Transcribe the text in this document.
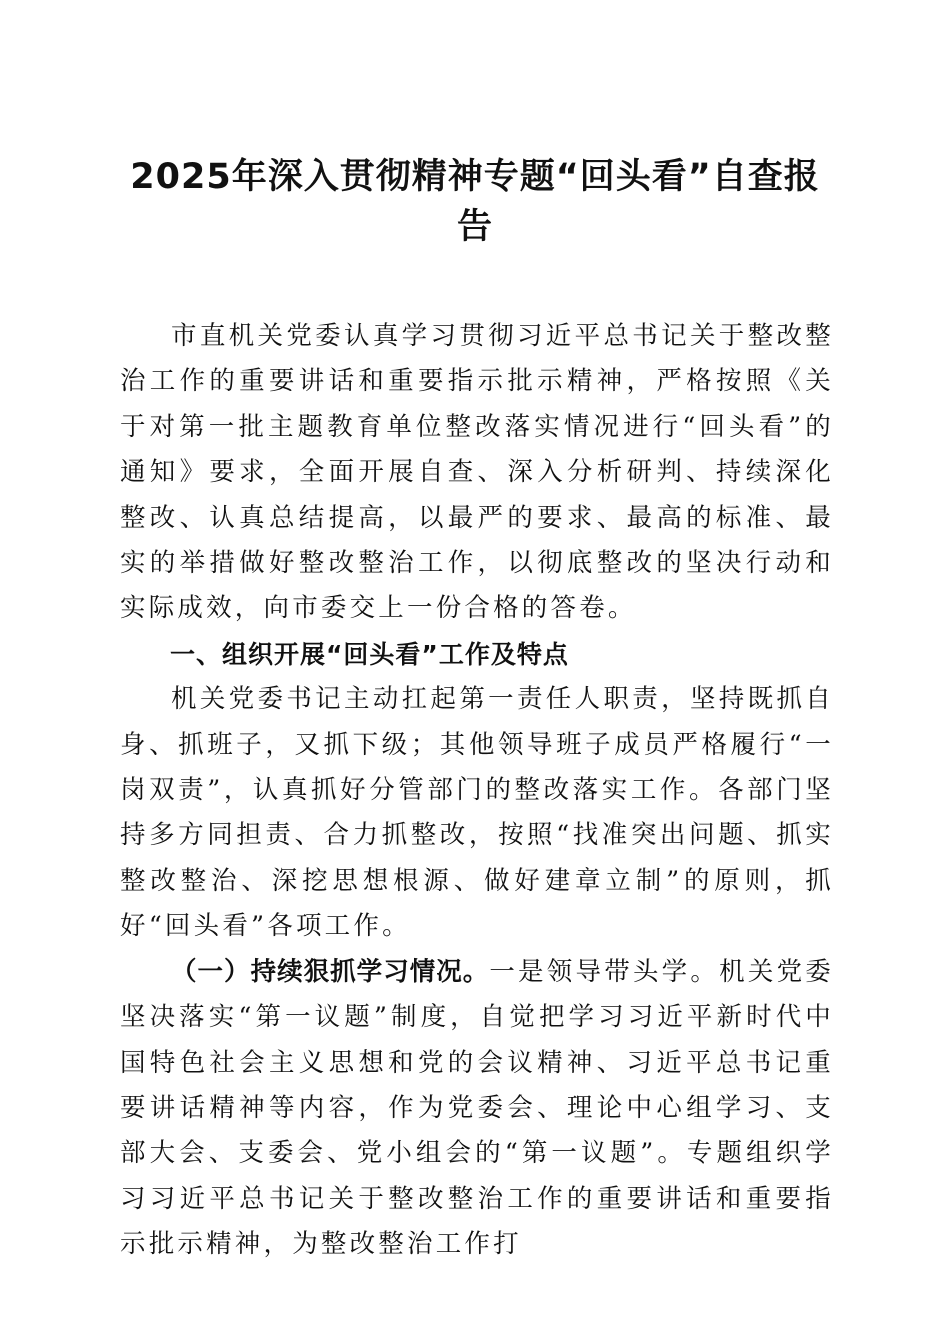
2025年深入贯彻精神专题“回头看”自查报告

市直机关党委认真学习贯彻习近平总书记关于整改整治工作的重要讲话和重要指示批示精神，严格按照《关于对第一批主题教育单位整改落实情况进行“回头看”的通知》要求，全面开展自查、深入分析研判、持续深化整改、认真总结提高，以最严的要求、最高的标准、最实的举措做好整改整治工作，以彻底整改的坚决行动和实际成效，向市委交上一份合格的答卷。

一、组织开展“回头看”工作及特点

机关党委书记主动扛起第一责任人职责，坚持既抓自身、抓班子，又抓下级；其他领导班子成员严格履行“一岗双责”，认真抓好分管部门的整改落实工作。各部门坚持多方同担责、合力抓整改，按照“找准突出问题、抓实整改整治、深挖思想根源、做好建章立制”的原则，抓好“回头看”各项工作。

（一）持续狠抓学习情况。一是领导带头学。机关党委坚决落实“第一议题”制度，自觉把学习习近平新时代中国特色社会主义思想和党的会议精神、习近平总书记重要讲话精神等内容，作为党委会、理论中心组学习、支部大会、支委会、党小组会的“第一议题”。专题组织学习习近平总书记关于整改整治工作的重要讲话和重要指示批示精神，为整改整治工作打
